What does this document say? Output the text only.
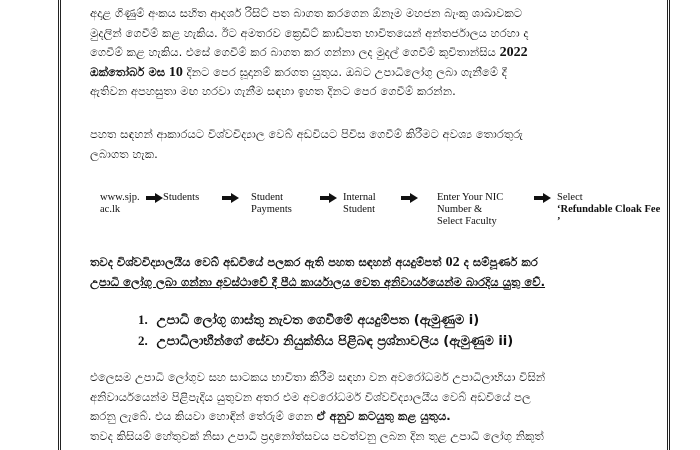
අදාළ ගිණුම් අංකය සහිත ආදර්ශ රිසිට් පත බාගත කරගෙන ඕනෑම මහජන බැංකු ශාඛාවකට
මුදලින් ගෙවීම් කළ හැකිය. ඊට අමතරව ක්‍රෙඩිට් කාඩ්පත භාවිතයෙන් අන්තර්ජාලය හරහා ද
ගෙවීම් කළ හැකිය. එසේ ගෙවීම් කර බාගත කර ගන්නා ලද මුදල් ගෙවීම් කුවිතාන්සිය 2022
ඔක්තෝබර් මස 10 දිනට පෙර සූදානම් කරගත යුතුය. ඔබට උපාධිලෝගු ලබා ගැනීමේ දී
ඇතිවන අපහසුතා මඟ හරවා ගැනීම සඳහා ඉහත දිනට පෙර ගෙවීම් කරන්න.
පහත සඳහන් ආකාරයට විශ්වවිද්‍යාල වෙබ් අඩවියට පිවිස ගෙවීම් කිරීමට අවශ්‍ය තොරතුරු
ලබාගත හැක.
www.sjp.
ac.lk
Students	Student
Payments
Internal
Student
Enter Your NIC
Number &
Select Faculty
Select
‘Refundable Cloak Fee ’
තවද විශ්වවිද්‍යාලයීය වෙබ් අඩවියේ පලකර ඇති පහත සඳහන් අයදුම්පත් 02 ද සම්පූර්ණ කර
උපාධි ලෝගු ලබා ගන්නා අවස්ථාවේ දී පීඨ කාර්යාලය වෙත අනිවාර්යයෙන්ම බාරදිය යුතු වේ.
1. උපාධි ලෝගු ගාස්තු නැවත ගෙවීමේ අයදුම්පත (ඇමුණුම i)
2. උපාධිලාභීන්ගේ සේවා නියුක්තිය පිළිබඳ ප්‍රශ්නාවලිය (ඇමුණුම ii)
එලෙසම උපාධි ලෝගුව සහ සාටකය භාවිතා කිරීම සඳහා වන අවරෝධර්ම උපාධිලාභියා විසින්
අනිවාර්යයෙන්ම පිළිපැදිය යුතුවන අතර එම අවරෝධර්ම විශ්වවිද්‍යාලයීය වෙබ් අඩවියේ පල
කරනු ලැබේ. එය කියවා හොඳින් තේරුම් ගෙන ඒ අනුව කටයුතු කළ යුතුය.
තවද කිසියම් හේතුවක් නිසා උපාධි ප්‍රදානෝත්සවය පවත්වනු ලබන දින තුළ උපාධි ලෝගු නිකුත්
